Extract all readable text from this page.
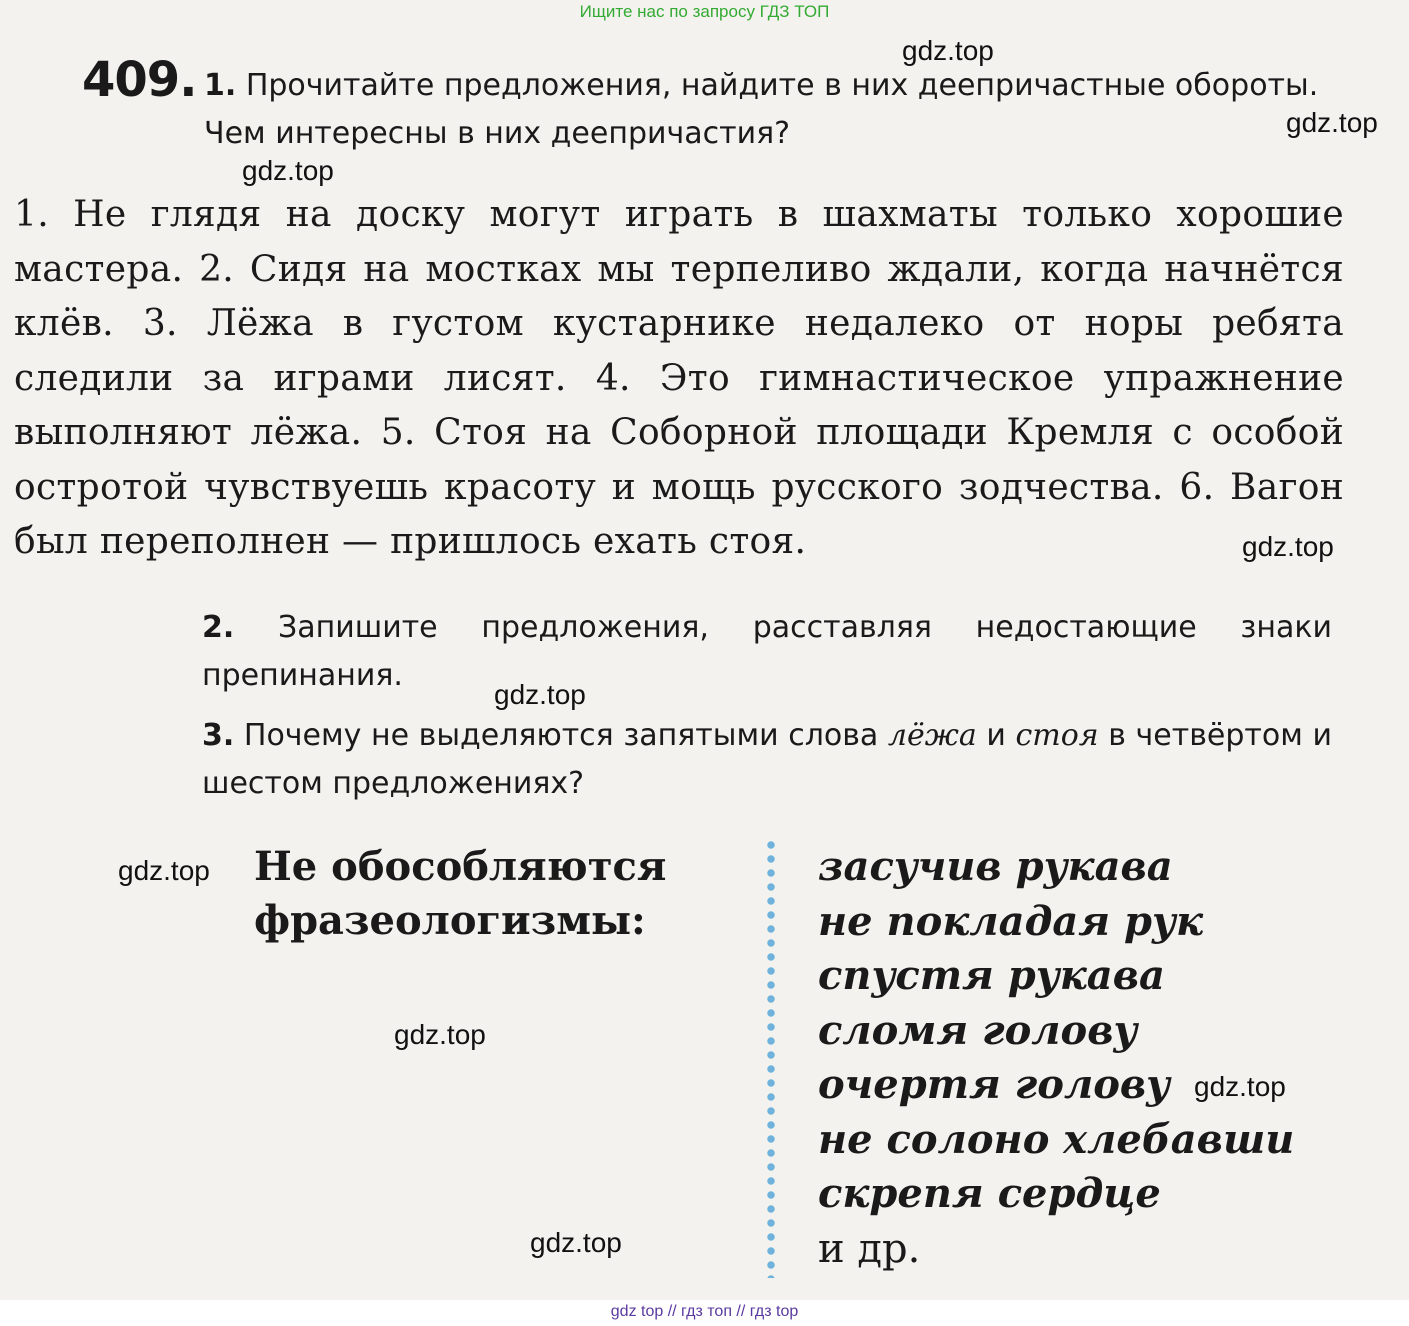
Ищите нас по запросу ГДЗ ТОП
409. 1. Прочитайте предложения, найдите в них деепричастные обороты. Чем интересны в них деепричастия?
1. Не глядя на доску могут играть в шахматы только хорошие мастера. 2. Сидя на мостках мы терпеливо ждали, когда начнётся клёв. 3. Лёжа в густом кустарнике недалеко от норы ребята следили за играми лисят. 4. Это гимнастическое упражнение выполняют лёжа. 5. Стоя на Соборной площади Кремля с особой остротой чувствуешь красоту и мощь русского зодчества. 6. Вагон был переполнен — пришлось ехать стоя.
2. Запишите предложения, расставляя недостающие знаки препинания.
3. Почему не выделяются запятыми слова лёжа и стоя в четвёртом и шестом предложениях?
Не обособляются фразеологизмы:
засучив рукава
не покладая рук
спустя рукава
сломя голову
очертя голову
не солоно хлебавши
скрепя сердце
и др.
gdz.top
gdz.top
gdz.top
gdz.top
gdz.top
gdz.top
gdz.top
gdz.top
gdz.top
gdz top // гдз топ // гдз top
